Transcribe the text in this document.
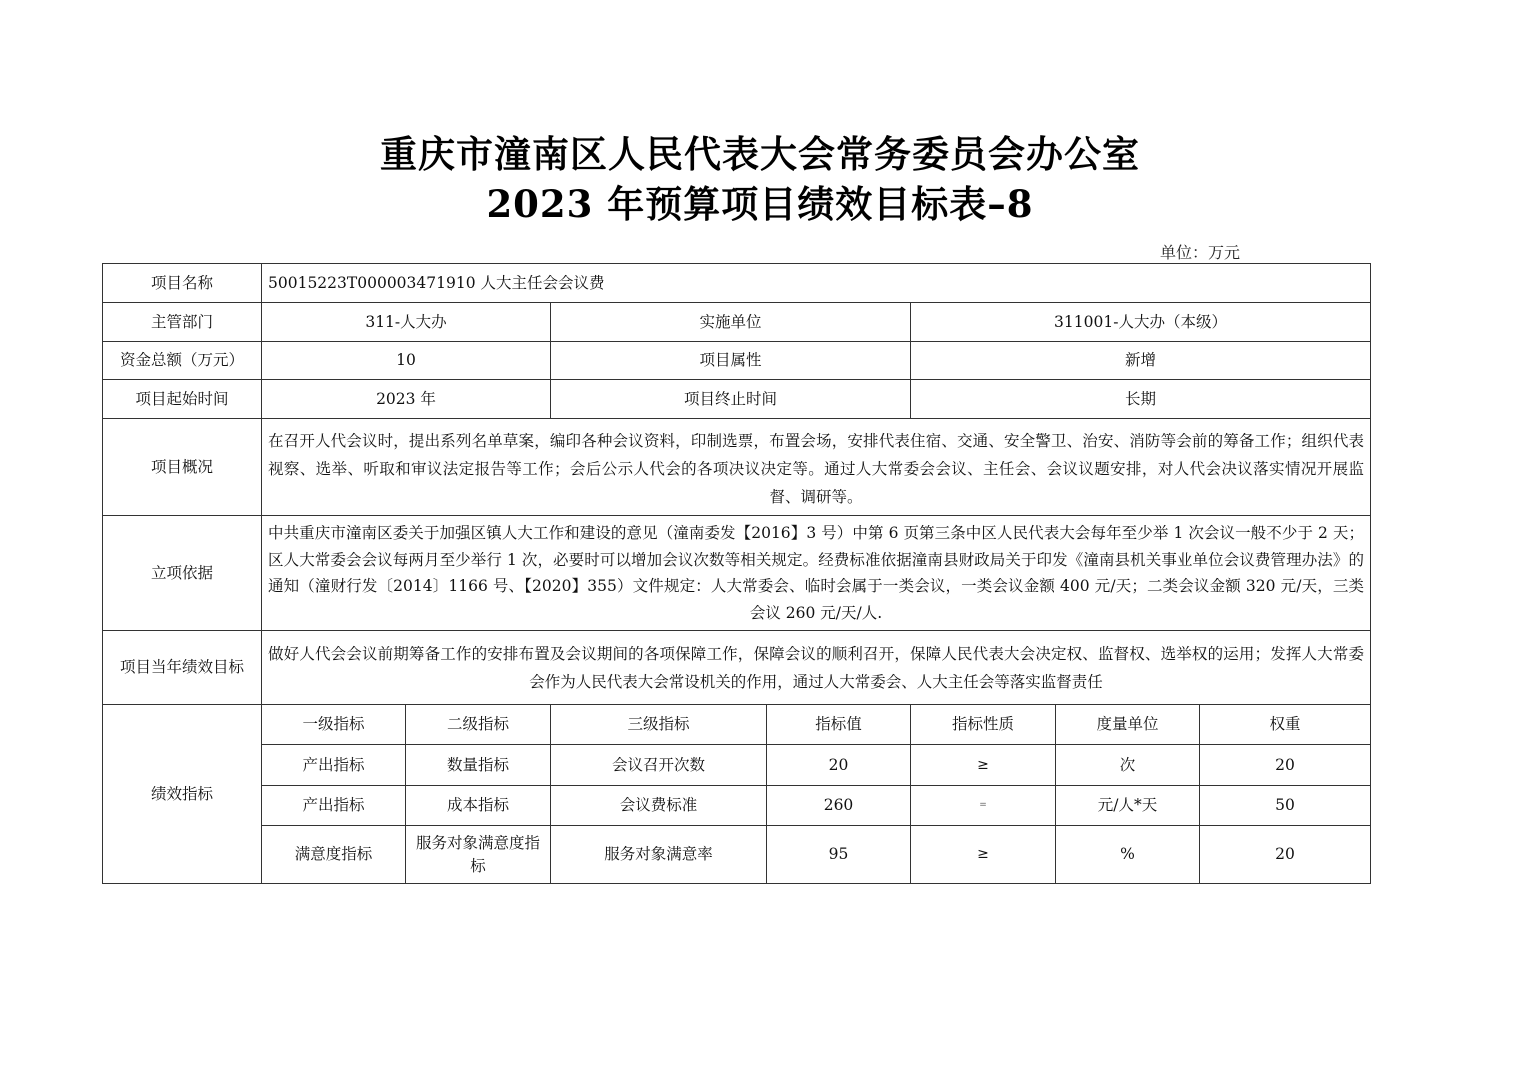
重庆市潼南区人民代表大会常务委员会办公室
2023 年预算项目绩效目标表–8
单位：万元
项目名称	50015223T000003471910 人大主任会会议费						
主管部门	311-人大办		实施单位		311001-人大办（本级）		
资金总额（万元）	10		项目属性		新增		
项目起始时间	2023 年		项目终止时间		长期		
项目概况	在召开人代会议时，提出系列名单草案，编印各种会议资料，印制选票，布置会场，安排代表住宿、交通、安全警卫、治安、消防等会前的筹备工作；组织代表视察、选举、听取和审议法定报告等工作；会后公示人代会的各项决议决定等。通过人大常委会会议、主任会、会议议题安排，对人代会决议落实情况开展监督、调研等。						
立项依据	中共重庆市潼南区委关于加强区镇人大工作和建设的意见（潼南委发【2016】3 号）中第 6 页第三条中区人民代表大会每年至少举 1 次会议一般不少于 2 天；区人大常委会会议每两月至少举行 1 次，必要时可以增加会议次数等相关规定。经费标准依据潼南县财政局关于印发《潼南县机关事业单位会议费管理办法》的通知（潼财行发〔2014〕1166 号、【2020】355）文件规定：人大常委会、临时会属于一类会议，一类会议金额 400 元/天；二类会议金额 320 元/天，三类会议 260 元/天/人.						
项目当年绩效目标	做好人代会会议前期筹备工作的安排布置及会议期间的各项保障工作，保障会议的顺利召开，保障人民代表大会决定权、监督权、选举权的运用；发挥人大常委会作为人民代表大会常设机关的作用，通过人大常委会、人大主任会等落实监督责任						
绩效指标	一级指标	二级指标	三级指标	指标值	指标性质	度量单位	权重
	产出指标	数量指标	会议召开次数	20	≥	次	20
	产出指标	成本指标	会议费标准	260	=	元/人*天	50
	满意度指标	服务对象满意度指标	服务对象满意率	95	≥	%	20
